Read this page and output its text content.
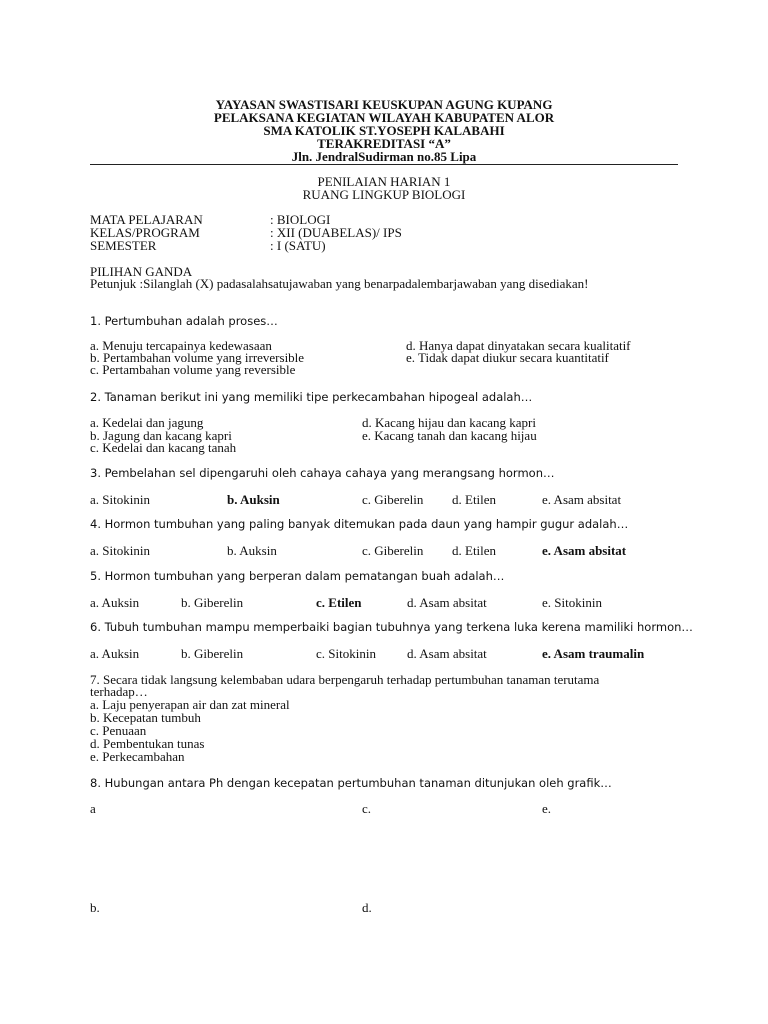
YAYASAN SWASTISARI KEUSKUPAN AGUNG KUPANG
PELAKSANA KEGIATAN WILAYAH KABUPATEN ALOR
SMA KATOLIK ST.YOSEPH KALABAHI
TERAKREDITASI “A”
Jln. JendralSudirman no.85 Lipa
PENILAIAN HARIAN 1
RUANG LINGKUP BIOLOGI
MATA PELAJARAN	: BIOLOGI
KELAS/PROGRAM	: XII (DUABELAS)/ IPS
SEMESTER	: I (SATU)
PILIHAN GANDA
Petunjuk :Silanglah (X) padasalahsatujawaban yang benarpadalembarjawaban yang disediakan!
1. Pertumbuhan adalah proses…
a. Menuju tercapainya kedewasaan
b. Pertambahan volume yang irreversible
c. Pertambahan volume yang reversible
d. Hanya dapat dinyatakan secara kualitatif
e. Tidak dapat diukur secara kuantitatif
2. Tanaman berikut ini yang memiliki tipe perkecambahan hipogeal adalah…
a. Kedelai dan jagung
b. Jagung dan kacang kapri
c. Kedelai dan kacang tanah
d. Kacang hijau dan kacang kapri
e. Kacang tanah dan kacang hijau
3. Pembelahan sel dipengaruhi oleh cahaya cahaya yang merangsang hormon…
a. Sitokinin	b. Auksin	c. Giberelin d. Etilen	e. Asam absitat
4. Hormon tumbuhan yang paling banyak ditemukan pada daun yang hampir gugur adalah…
a. Sitokinin	b. Auksin	c. Giberelin d. Etilen	e. Asam absitat
5. Hormon tumbuhan yang berperan dalam pematangan buah adalah…
a. Auksin	b. Giberelin	c. Etilen	d. Asam absitat	e. Sitokinin
6. Tubuh tumbuhan mampu memperbaiki bagian tubuhnya yang terkena luka kerena mamiliki hormon…
a. Auksin	b. Giberelin	c. Sitokinin d. Asam absitat	e. Asam traumalin
7. Secara tidak langsung kelembaban udara berpengaruh terhadap pertumbuhan tanaman terutama
terhadap…
a. Laju penyerapan air dan zat mineral
b. Kecepatan tumbuh
c. Penuaan
d. Pembentukan tunas
e. Perkecambahan
8. Hubungan antara Ph dengan kecepatan pertumbuhan tanaman ditunjukan oleh grafik…
a	c.	e.
b.	d.
